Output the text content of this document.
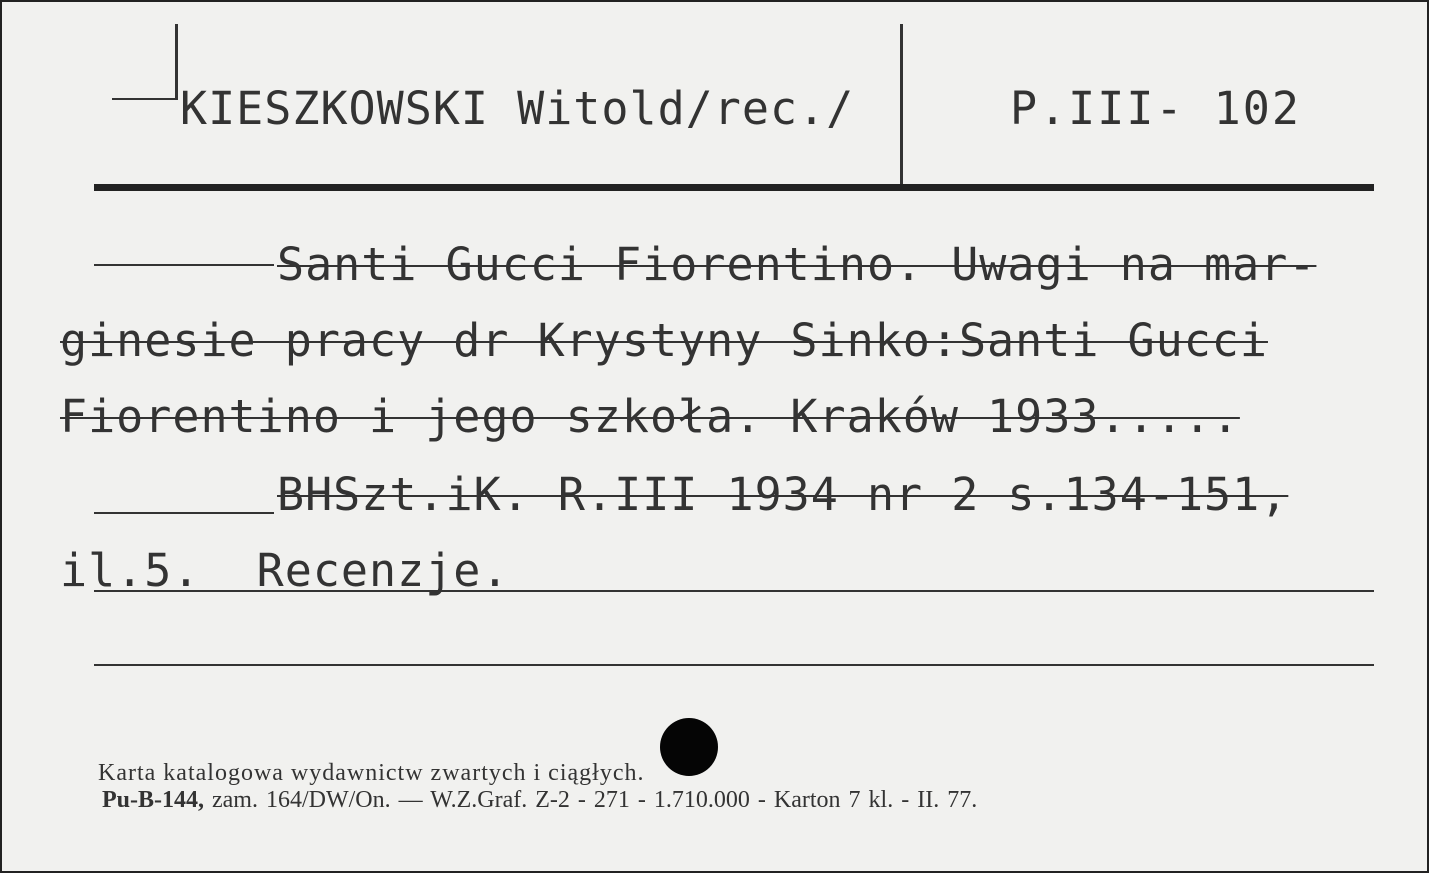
KIESZKOWSKI Witold/rec./	P.III- 102
Santi Gucci Fiorentino. Uwagi na mar-
ginesie pracy dr Krystyny Sinko:Santi Gucci
Fiorentino i jego szkoła. Kraków 1933.....
BHSzt.iK. R.III 1934 nr 2 s.134-151,
il.5.  Recenzje.
Karta katalogowa wydawnictw zwartych i ciągłych.
Pu-B-144, zam. 164/DW/On. — W.Z.Graf. Z-2 - 271 - 1.710.000 - Karton 7 kl. - II. 77.
